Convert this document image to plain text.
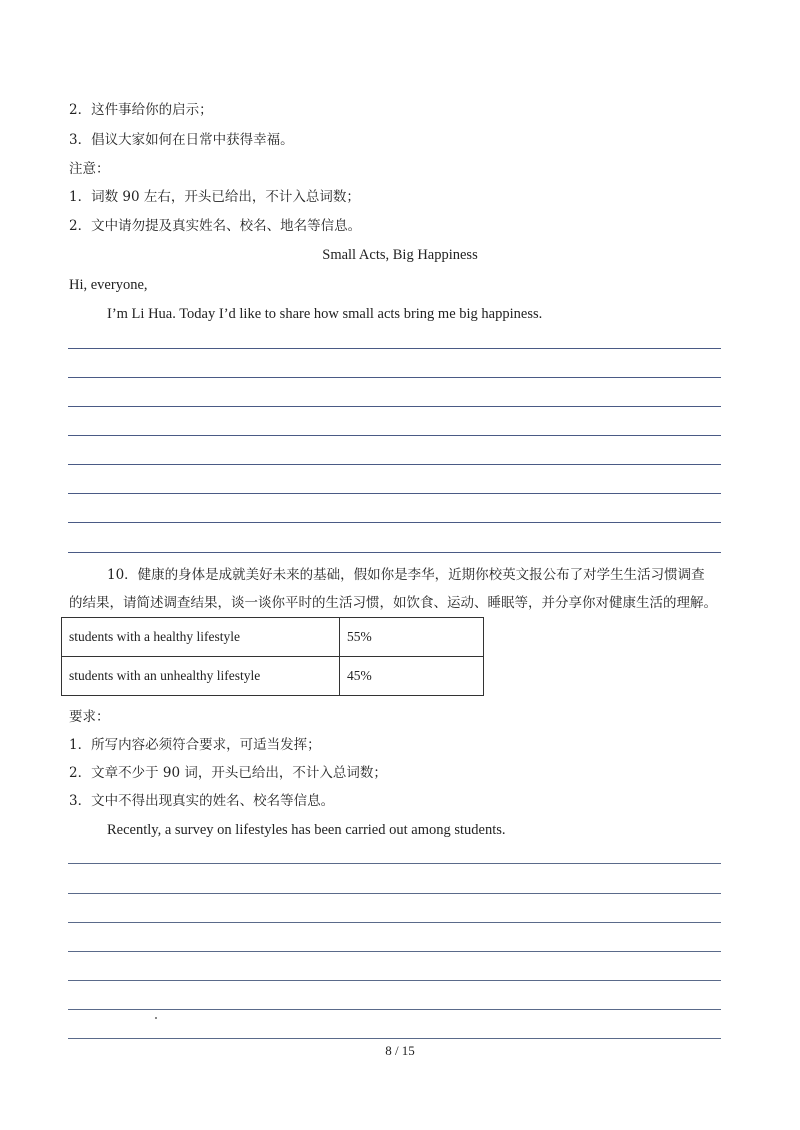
2．这件事给你的启示；
3．倡议大家如何在日常中获得幸福。
注意：
1．词数 90 左右，开头已给出，不计入总词数；
2．文中请勿提及真实姓名、校名、地名等信息。
Small Acts, Big Happiness
Hi, everyone,
I’m Li Hua. Today I’d like to share how small acts bring me big happiness.
10．健康的身体是成就美好未来的基础，假如你是李华，近期你校英文报公布了对学生生活习惯调查
的结果，请简述调查结果，谈一谈你平时的生活习惯，如饮食、运动、睡眠等，并分享你对健康生活的理解。
students with a healthy lifestyle	55%
students with an unhealthy lifestyle	45%
要求：
1．所写内容必须符合要求，可适当发挥；
2．文章不少于 90 词，开头已给出，不计入总词数；
3．文中不得出现真实的姓名、校名等信息。
Recently, a survey on lifestyles has been carried out among students.
8 / 15
